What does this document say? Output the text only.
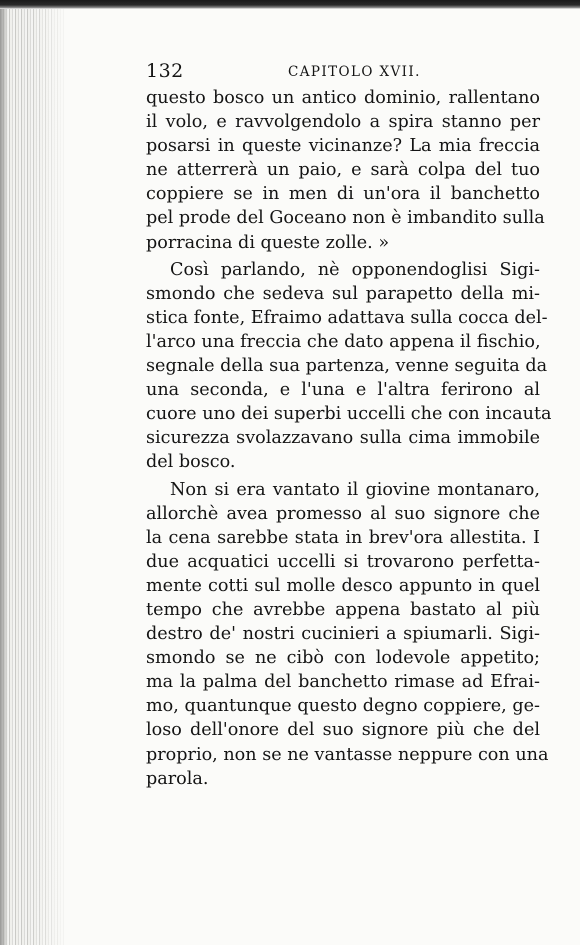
132	CAPITOLO XVII.
questo bosco un antico dominio, rallentano
il volo, e ravvolgendolo a spira stanno per
posarsi in queste vicinanze? La mia freccia
ne atterrerà un paio, e sarà colpa del tuo
coppiere se in men di un'ora il banchetto
pel prode del Goceano non è imbandito sulla
porracina di queste zolle. »
Così parlando, nè opponendoglisi Sigi-
smondo che sedeva sul parapetto della mi-
stica fonte, Efraimo adattava sulla cocca del-
l'arco una freccia che dato appena il fischio,
segnale della sua partenza, venne seguita da
una seconda, e l'una e l'altra ferirono al
cuore uno dei superbi uccelli che con incauta
sicurezza svolazzavano sulla cima immobile
del bosco.
Non si era vantato il giovine montanaro,
allorchè avea promesso al suo signore che
la cena sarebbe stata in brev'ora allestita. I
due acquatici uccelli si trovarono perfetta-
mente cotti sul molle desco appunto in quel
tempo che avrebbe appena bastato al più
destro de' nostri cucinieri a spiumarli. Sigi-
smondo se ne cibò con lodevole appetito;
ma la palma del banchetto rimase ad Efrai-
mo, quantunque questo degno coppiere, ge-
loso dell'onore del suo signore più che del
proprio, non se ne vantasse neppure con una
parola.
